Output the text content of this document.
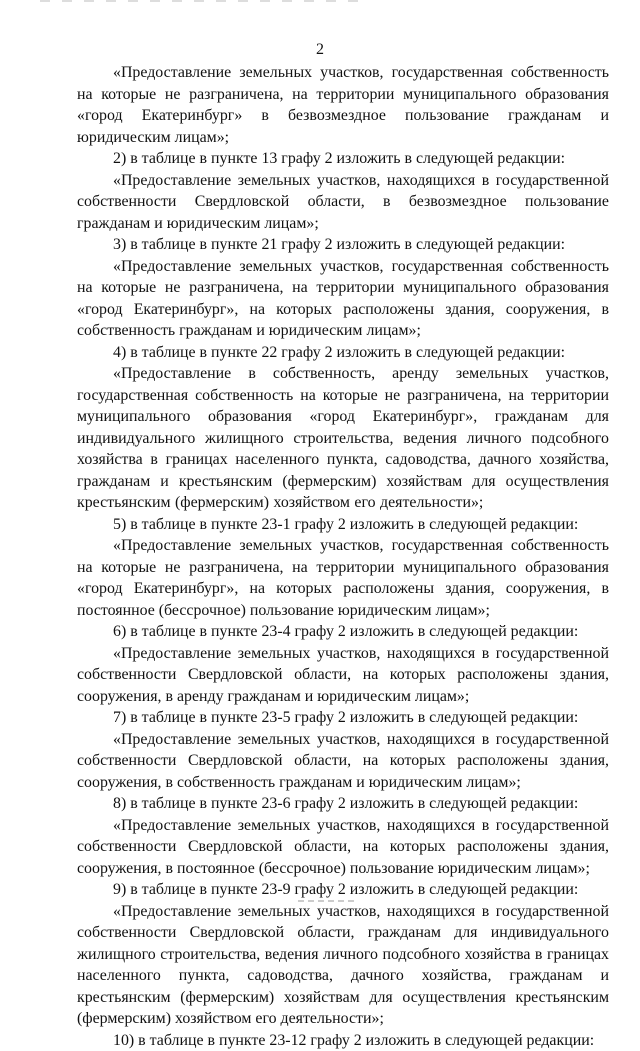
2

«Предоставление земельных участков, государственная собственность на которые не разграничена, на территории муниципального образования «город Екатеринбург» в безвозмездное пользование гражданам и юридическим лицам»;

2) в таблице в пункте 13 графу 2 изложить в следующей редакции:

«Предоставление земельных участков, находящихся в государственной собственности Свердловской области, в безвозмездное пользование гражданам и юридическим лицам»;

3) в таблице в пункте 21 графу 2 изложить в следующей редакции:

«Предоставление земельных участков, государственная собственность на которые не разграничена, на территории муниципального образования «город Екатеринбург», на которых расположены здания, сооружения, в собственность гражданам и юридическим лицам»;

4) в таблице в пункте 22 графу 2 изложить в следующей редакции:

«Предоставление в собственность, аренду земельных участков, государственная собственность на которые не разграничена, на территории муниципального образования «город Екатеринбург», гражданам для индивидуального жилищного строительства, ведения личного подсобного хозяйства в границах населенного пункта, садоводства, дачного хозяйства, гражданам и крестьянским (фермерским) хозяйствам для осуществления крестьянским (фермерским) хозяйством его деятельности»;

5) в таблице в пункте 23-1 графу 2 изложить в следующей редакции:

«Предоставление земельных участков, государственная собственность на которые не разграничена, на территории муниципального образования «город Екатеринбург», на которых расположены здания, сооружения, в постоянное (бессрочное) пользование юридическим лицам»;

6) в таблице в пункте 23-4 графу 2 изложить в следующей редакции:

«Предоставление земельных участков, находящихся в государственной собственности Свердловской области, на которых расположены здания, сооружения, в аренду гражданам и юридическим лицам»;

7) в таблице в пункте 23-5 графу 2 изложить в следующей редакции:

«Предоставление земельных участков, находящихся в государственной собственности Свердловской области, на которых расположены здания, сооружения, в собственность гражданам и юридическим лицам»;

8) в таблице в пункте 23-6 графу 2 изложить в следующей редакции:

«Предоставление земельных участков, находящихся в государственной собственности Свердловской области, на которых расположены здания, сооружения, в постоянное (бессрочное) пользование юридическим лицам»;

9) в таблице в пункте 23-9 графу 2 изложить в следующей редакции:

«Предоставление земельных участков, находящихся в государственной собственности Свердловской области, гражданам для индивидуального жилищного строительства, ведения личного подсобного хозяйства в границах населенного пункта, садоводства, дачного хозяйства, гражданам и крестьянским (фермерским) хозяйствам для осуществления крестьянским (фермерским) хозяйством его деятельности»;

10) в таблице в пункте 23-12 графу 2 изложить в следующей редакции:
